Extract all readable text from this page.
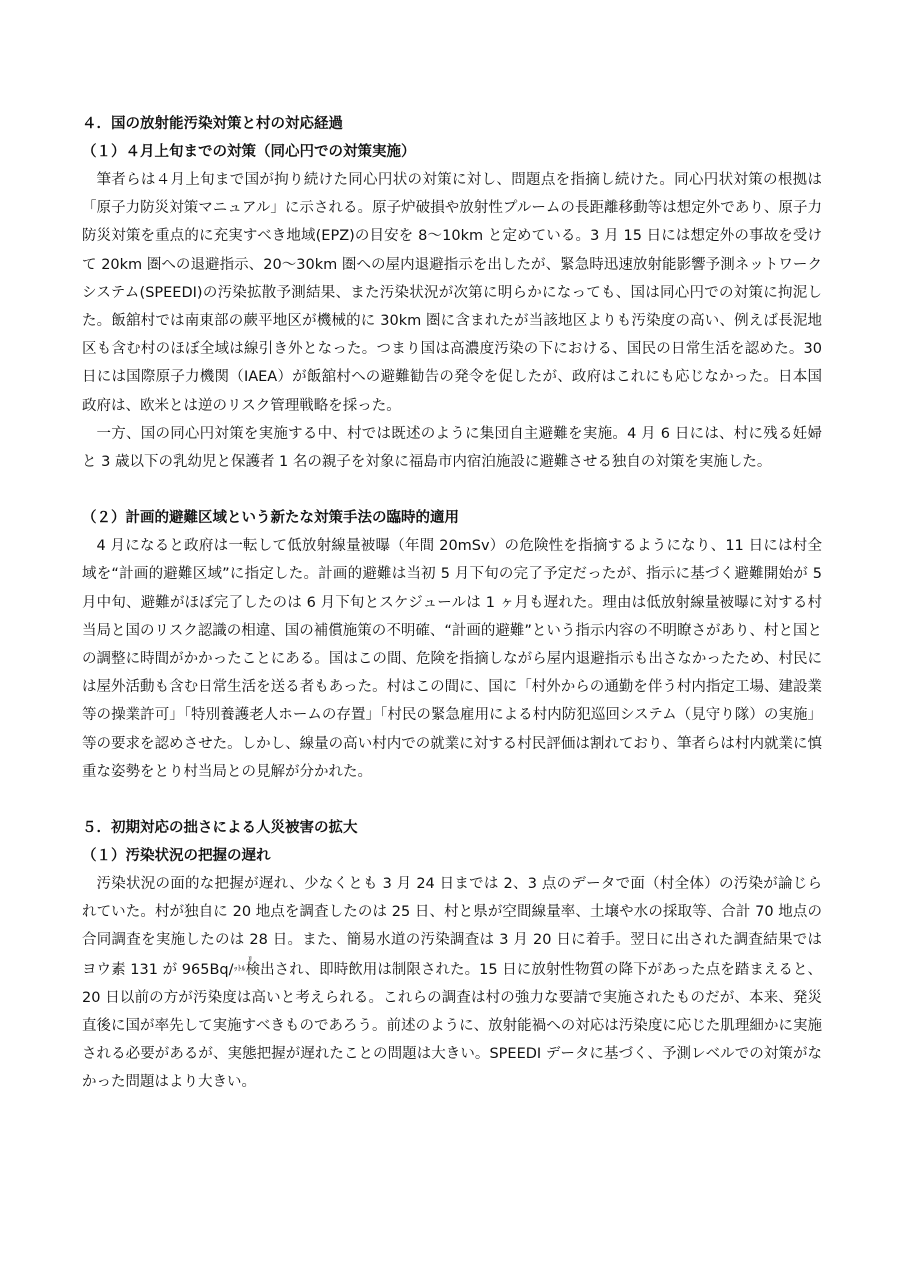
４．国の放射能汚染対策と村の対応経過
（１）４月上旬までの対策（同心円での対策実施）

筆者らは４月上旬まで国が拘り続けた同心円状の対策に対し、問題点を指摘し続けた。同心円状対策の根拠は「原子力防災対策マニュアル」に示される。原子炉破損や放射性プルームの長距離移動等は想定外であり、原子力防災対策を重点的に充実すべき地域(EPZ)の目安を 8〜10km と定めている。3 月 15 日には想定外の事故を受けて 20km 圏への退避指示、20〜30km 圏への屋内退避指示を出したが、緊急時迅速放射能影響予測ネットワークシステム(SPEEDI)の汚染拡散予測結果、また汚染状況が次第に明らかになっても、国は同心円での対策に拘泥した。飯舘村では南東部の蕨平地区が機械的に 30km 圏に含まれたが当該地区よりも汚染度の高い、例えば長泥地区も含む村のほぼ全域は線引き外となった。つまり国は高濃度汚染の下における、国民の日常生活を認めた。30 日には国際原子力機関（IAEA）が飯舘村への避難勧告の発令を促したが、政府はこれにも応じなかった。日本国政府は、欧米とは逆のリスク管理戦略を採った。

一方、国の同心円対策を実施する中、村では既述のように集団自主避難を実施。4 月 6 日には、村に残る妊婦と 3 歳以下の乳幼児と保護者 1 名の親子を対象に福島市内宿泊施設に避難させる独自の対策を実施した。

（２）計画的避難区域という新たな対策手法の臨時的適用

4 月になると政府は一転して低放射線量被曝（年間 20mSv）の危険性を指摘するようになり、11 日には村全域を“計画的避難区域”に指定した。計画的避難は当初 5 月下旬の完了予定だったが、指示に基づく避難開始が 5 月中旬、避難がほぼ完了したのは 6 月下旬とスケジュールは 1 ヶ月も遅れた。理由は低放射線量被曝に対する村当局と国のリスク認識の相違、国の補償施策の不明確、“計画的避難”という指示内容の不明瞭さがあり、村と国との調整に時間がかかったことにある。国はこの間、危険を指摘しながら屋内退避指示も出さなかったため、村民には屋外活動も含む日常生活を送る者もあった。村はこの間に、国に「村外からの通勤を伴う村内指定工場、建設業等の操業許可」「特別養護老人ホームの存置」「村民の緊急雇用による村内防犯巡回システム（見守り隊）の実施」等の要求を認めさせた。しかし、線量の高い村内での就業に対する村民評価は割れており、筆者らは村内就業に慎重な姿勢をとり村当局との見解が分かれた。

５．初期対応の拙さによる人災被害の拡大
（１）汚染状況の把握の遅れ

汚染状況の面的な把握が遅れ、少なくとも 3 月 24 日までは 2、3 点のデータで面（村全体）の汚染が論じられていた。村が独自に 20 地点を調査したのは 25 日、村と県が空間線量率、土壌や水の採取等、合計 70 地点の合同調査を実施したのは 28 日。また、簡易水道の汚染調査は 3 月 20 日に着手。翌日に出された調査結果ではヨウ素 131 が 965Bq/ﾘｯﾄﾙ検出され、即時飲用は制限された。15 日に放射性物質の降下があった点を踏まえると、20 日以前の方が汚染度は高いと考えられる。これらの調査は村の強力な要請で実施されたものだが、本来、発災直後に国が率先して実施すべきものであろう。前述のように、放射能禍への対応は汚染度に応じた肌理細かに実施される必要があるが、実態把握が遅れたことの問題は大きい。SPEEDI データに基づく、予測レベルでの対策がなかった問題はより大きい。
